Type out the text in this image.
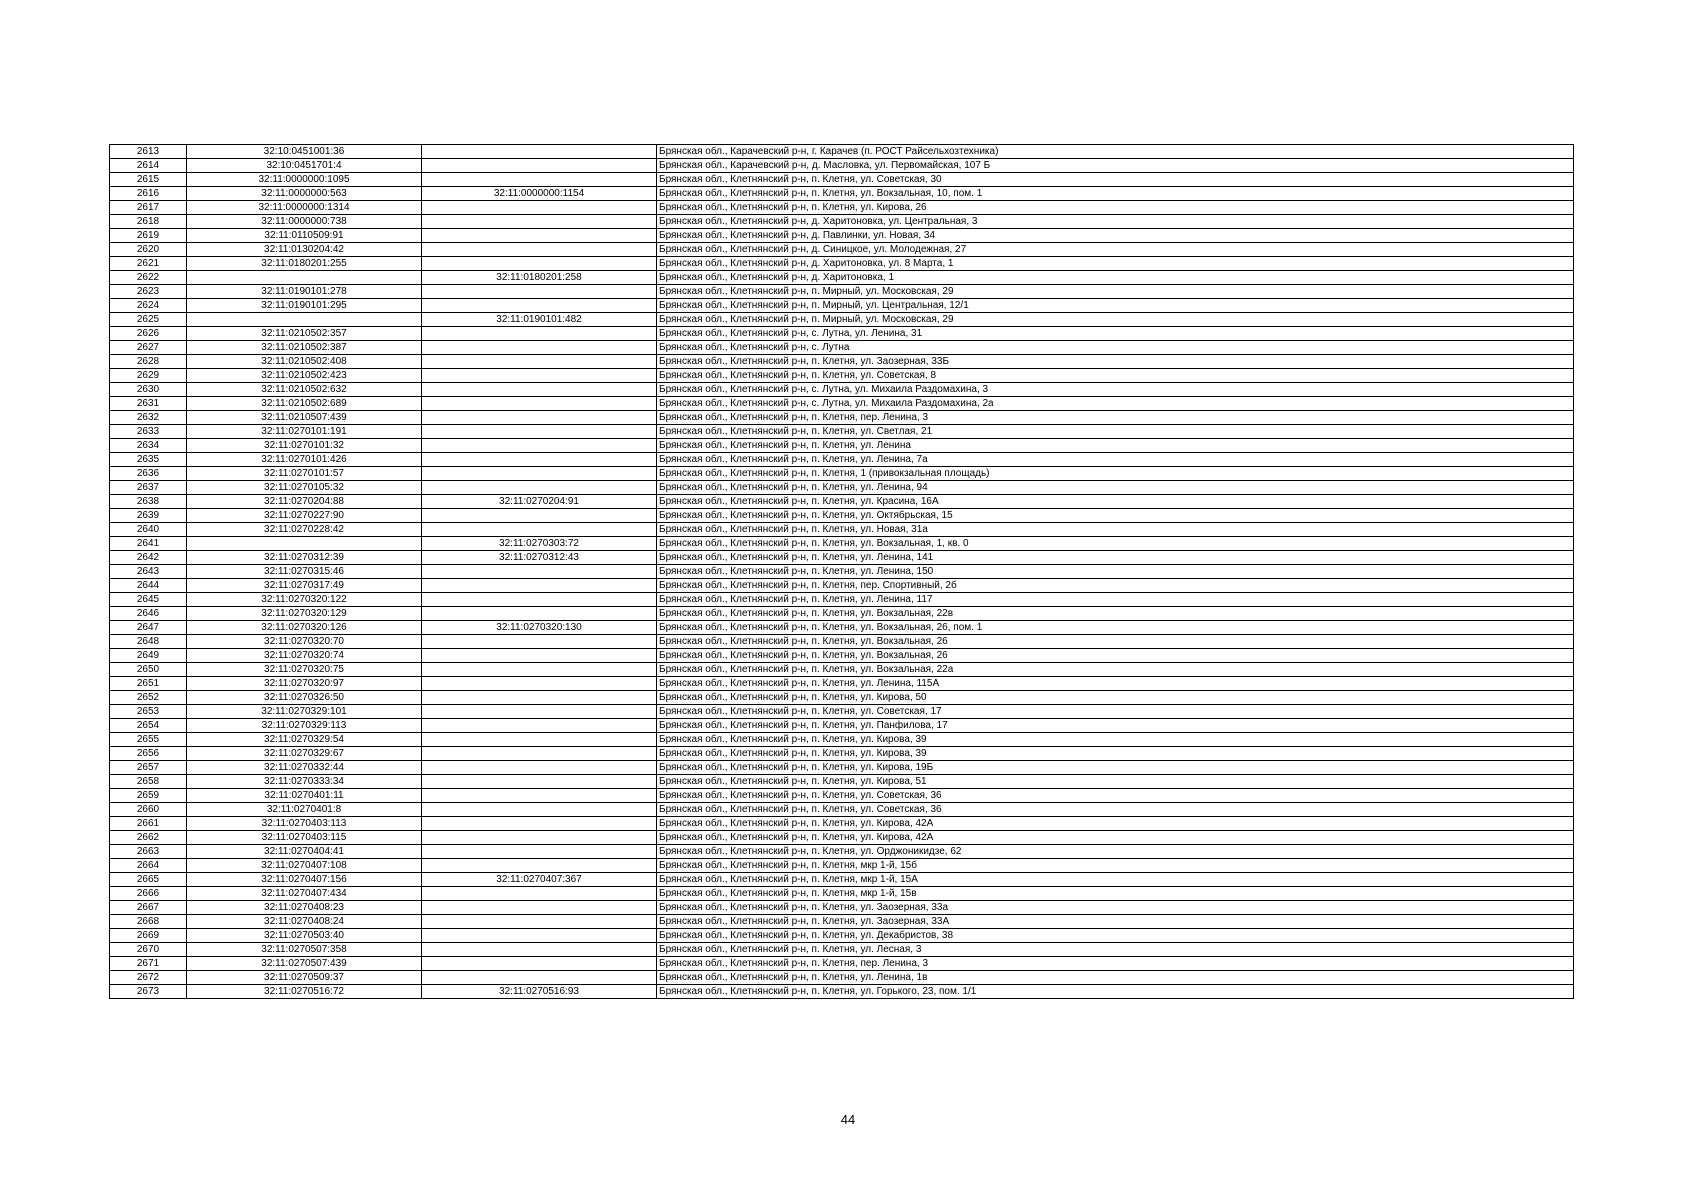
2613	32:10:0451001:36		Брянская обл., Карачевский р-н, г. Карачев (п. РОСТ Райсельхозтехника)
2614	32:10:0451701:4		Брянская обл., Карачевский р-н, д. Масловка, ул. Первомайская, 107 Б
2615	32:11:0000000:1095		Брянская обл., Клетнянский р-н, п. Клетня, ул. Советская, 30
2616	32:11:0000000:563	32:11:0000000:1154	Брянская обл., Клетнянский р-н, п. Клетня, ул. Вокзальная, 10, пом. 1
2617	32:11:0000000:1314		Брянская обл., Клетнянский р-н, п. Клетня, ул. Кирова, 26
2618	32:11:0000000:738		Брянская обл., Клетнянский р-н, д. Харитоновка, ул. Центральная, 3
2619	32:11:0110509:91		Брянская обл., Клетнянский р-н, д. Павлинки, ул. Новая, 34
2620	32:11:0130204:42		Брянская обл., Клетнянский р-н, д. Синицкое, ул. Молодежная, 27
2621	32:11:0180201:255		Брянская обл., Клетнянский р-н, д. Харитоновка, ул. 8 Марта, 1
2622		32:11:0180201:258	Брянская обл., Клетнянский р-н, д. Харитоновка, 1
2623	32:11:0190101:278		Брянская обл., Клетнянский р-н, п. Мирный, ул. Московская, 29
2624	32:11:0190101:295		Брянская обл., Клетнянский р-н, п. Мирный, ул. Центральная, 12/1
2625		32:11:0190101:482	Брянская обл., Клетнянский р-н, п. Мирный, ул. Московская, 29
2626	32:11:0210502:357		Брянская обл., Клетнянский р-н, с. Лутна, ул. Ленина, 31
2627	32:11:0210502:387		Брянская обл., Клетнянский р-н, с. Лутна
2628	32:11:0210502:408		Брянская обл., Клетнянский р-н, п. Клетня, ул. Заозерная, 33Б
2629	32:11:0210502:423		Брянская обл., Клетнянский р-н, п. Клетня, ул. Советская, 8
2630	32:11:0210502:632		Брянская обл., Клетнянский р-н, с. Лутна, ул. Михаила Раздомахина, 3
2631	32:11:0210502:689		Брянская обл., Клетнянский р-н, с. Лутна, ул. Михаила Раздомахина, 2а
2632	32:11:0210507:439		Брянская обл., Клетнянский р-н, п. Клетня, пер. Ленина, 3
2633	32:11:0270101:191		Брянская обл., Клетнянский р-н, п. Клетня, ул. Светлая, 21
2634	32:11:0270101:32		Брянская обл., Клетнянский р-н, п. Клетня, ул. Ленина
2635	32:11:0270101:426		Брянская обл., Клетнянский р-н, п. Клетня, ул. Ленина, 7а
2636	32:11:0270101:57		Брянская обл., Клетнянский р-н, п. Клетня, 1 (привокзальная площадь)
2637	32:11:0270105:32		Брянская обл., Клетнянский р-н, п. Клетня, ул. Ленина, 94
2638	32:11:0270204:88	32:11:0270204:91	Брянская обл., Клетнянский р-н, п. Клетня, ул. Красина, 16А
2639	32:11:0270227:90		Брянская обл., Клетнянский р-н, п. Клетня, ул. Октябрьская, 15
2640	32:11:0270228:42		Брянская обл., Клетнянский р-н, п. Клетня, ул. Новая, 31а
2641		32:11:0270303:72	Брянская обл., Клетнянский р-н, п. Клетня, ул. Вокзальная, 1, кв. 0
2642	32:11:0270312:39	32:11:0270312:43	Брянская обл., Клетнянский р-н, п. Клетня, ул. Ленина, 141
2643	32:11:0270315:46		Брянская обл., Клетнянский р-н, п. Клетня, ул. Ленина, 150
2644	32:11:0270317:49		Брянская обл., Клетнянский р-н, п. Клетня, пер. Спортивный, 2б
2645	32:11:0270320:122		Брянская обл., Клетнянский р-н, п. Клетня, ул. Ленина, 117
2646	32:11:0270320:129		Брянская обл., Клетнянский р-н, п. Клетня, ул. Вокзальная, 22в
2647	32:11:0270320:126	32:11:0270320:130	Брянская обл., Клетнянский р-н, п. Клетня, ул. Вокзальная, 26, пом. 1
2648	32:11:0270320:70		Брянская обл., Клетнянский р-н, п. Клетня, ул. Вокзальная, 26
2649	32:11:0270320:74		Брянская обл., Клетнянский р-н, п. Клетня, ул. Вокзальная, 26
2650	32:11:0270320:75		Брянская обл., Клетнянский р-н, п. Клетня, ул. Вокзальная, 22а
2651	32:11:0270320:97		Брянская обл., Клетнянский р-н, п. Клетня, ул. Ленина, 115А
2652	32:11:0270326:50		Брянская обл., Клетнянский р-н, п. Клетня, ул. Кирова, 50
2653	32:11:0270329:101		Брянская обл., Клетнянский р-н, п. Клетня, ул. Советская, 17
2654	32:11:0270329:113		Брянская обл., Клетнянский р-н, п. Клетня, ул. Панфилова, 17
2655	32:11:0270329:54		Брянская обл., Клетнянский р-н, п. Клетня, ул. Кирова, 39
2656	32:11:0270329:67		Брянская обл., Клетнянский р-н, п. Клетня, ул. Кирова, 39
2657	32:11:0270332:44		Брянская обл., Клетнянский р-н, п. Клетня, ул. Кирова, 19Б
2658	32:11:0270333:34		Брянская обл., Клетнянский р-н, п. Клетня, ул. Кирова, 51
2659	32:11:0270401:11		Брянская обл., Клетнянский р-н, п. Клетня, ул. Советская, 36
2660	32:11:0270401:8		Брянская обл., Клетнянский р-н, п. Клетня, ул. Советская, 36
2661	32:11:0270403:113		Брянская обл., Клетнянский р-н, п. Клетня, ул. Кирова, 42А
2662	32:11:0270403:115		Брянская обл., Клетнянский р-н, п. Клетня, ул. Кирова, 42А
2663	32:11:0270404:41		Брянская обл., Клетнянский р-н, п. Клетня, ул. Орджоникидзе, 62
2664	32:11:0270407:108		Брянская обл., Клетнянский р-н, п. Клетня, мкр 1-й, 15б
2665	32:11:0270407:156	32:11:0270407:367	Брянская обл., Клетнянский р-н, п. Клетня, мкр 1-й, 15А
2666	32:11:0270407:434		Брянская обл., Клетнянский р-н, п. Клетня, мкр 1-й, 15в
2667	32:11:0270408:23		Брянская обл., Клетнянский р-н, п. Клетня, ул. Заозерная, 33а
2668	32:11:0270408:24		Брянская обл., Клетнянский р-н, п. Клетня, ул. Заозерная, 33А
2669	32:11:0270503:40		Брянская обл., Клетнянский р-н, п. Клетня, ул. Декабристов, 38
2670	32:11:0270507:358		Брянская обл., Клетнянский р-н, п. Клетня, ул. Лесная, 3
2671	32:11:0270507:439		Брянская обл., Клетнянский р-н, п. Клетня, пер. Ленина, 3
2672	32:11:0270509:37		Брянская обл., Клетнянский р-н, п. Клетня, ул. Ленина, 1в
2673	32:11:0270516:72	32:11:0270516:93	Брянская обл., Клетнянский р-н, п. Клетня, ул. Горького, 23, пом. 1/1
44
